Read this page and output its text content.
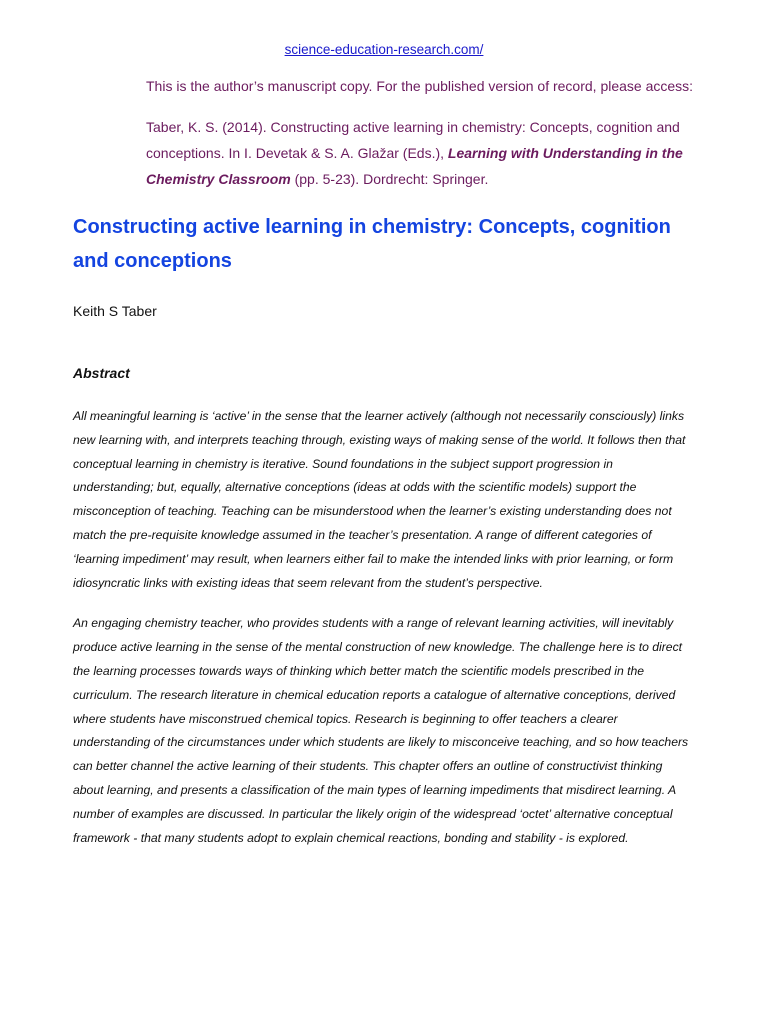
science-education-research.com/

This is the author’s manuscript copy. For the published version of record, please access:

Taber, K. S. (2014). Constructing active learning in chemistry: Concepts, cognition and conceptions. In I. Devetak & S. A. Glažar (Eds.), Learning with Understanding in the Chemistry Classroom (pp. 5-23). Dordrecht: Springer.

Constructing active learning in chemistry: Concepts, cognition and conceptions

Keith S Taber

Abstract

All meaningful learning is ‘active’ in the sense that the learner actively (although not necessarily consciously) links new learning with, and interprets teaching through, existing ways of making sense of the world. It follows then that conceptual learning in chemistry is iterative. Sound foundations in the subject support progression in understanding; but, equally, alternative conceptions (ideas at odds with the scientific models) support the misconception of teaching. Teaching can be misunderstood when the learner’s existing understanding does not match the pre-requisite knowledge assumed in the teacher’s presentation. A range of different categories of ‘learning impediment’ may result, when learners either fail to make the intended links with prior learning, or form idiosyncratic links with existing ideas that seem relevant from the student’s perspective.

An engaging chemistry teacher, who provides students with a range of relevant learning activities, will inevitably produce active learning in the sense of the mental construction of new knowledge. The challenge here is to direct the learning processes towards ways of thinking which better match the scientific models prescribed in the curriculum. The research literature in chemical education reports a catalogue of alternative conceptions, derived where students have misconstrued chemical topics. Research is beginning to offer teachers a clearer understanding of the circumstances under which students are likely to misconceive teaching, and so how teachers can better channel the active learning of their students. This chapter offers an outline of constructivist thinking about learning, and presents a classification of the main types of learning impediments that misdirect learning. A number of examples are discussed. In particular the likely origin of the widespread ‘octet’ alternative conceptual framework - that many students adopt to explain chemical reactions, bonding and stability - is explored.
